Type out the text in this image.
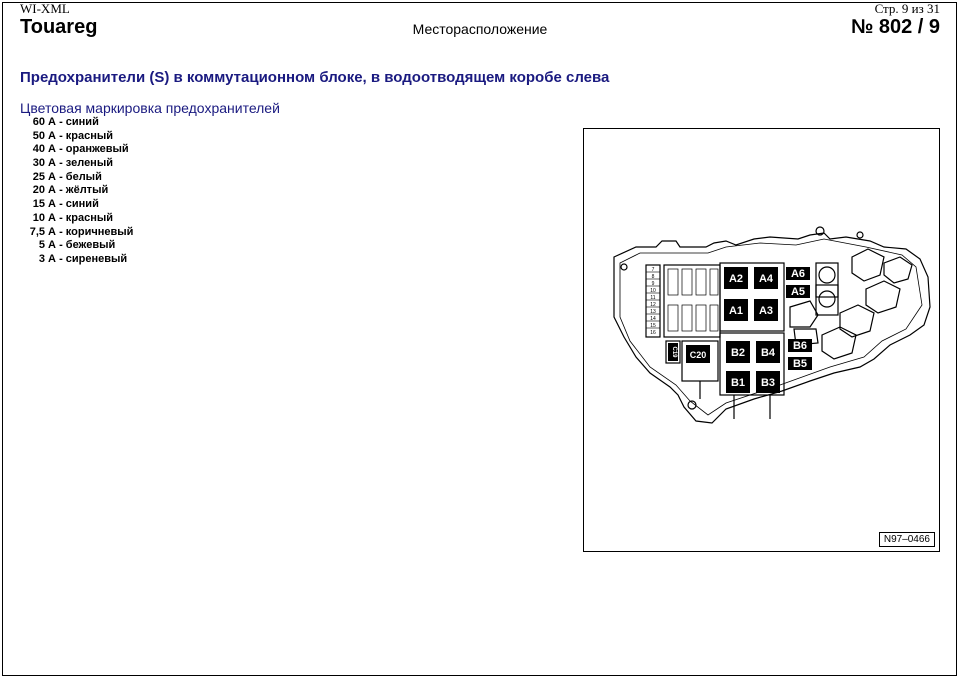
WI-XML	Стр. 9 из 31
Touareg	Месторасположение	№ 802 / 9
Предохранители (S) в коммутационном блоке, в водоотводящем коробе слева
Цветовая маркировка предохранителей
60 А - синий
50 А - красный
40 А - оранжевый
30 А - зеленый
25 А - белый
20 А - жёлтый
15 А - синий
10 А - красный
7,5 А - коричневый
5 А - бежевый
3 А - сиреневый
A2 A4
A1 A3
B2 B4
B1 B3
A6
A5
B6
B5
C20
C19
7
8
9
10
11
12
13
14
15
16
N97–0466
